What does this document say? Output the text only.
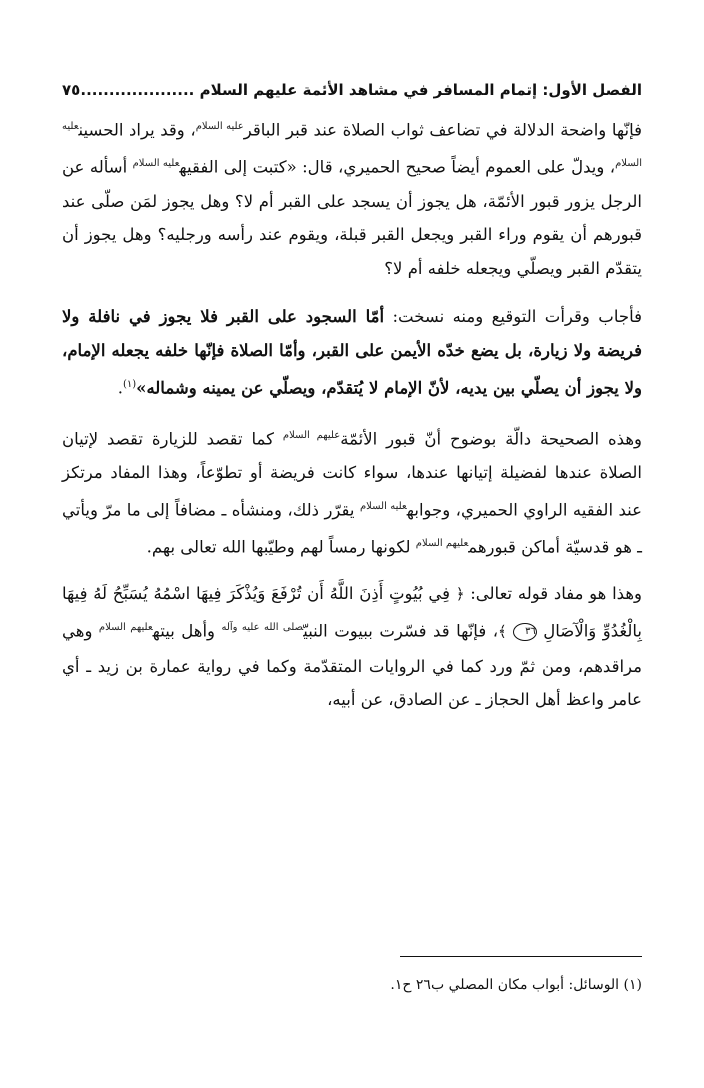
الفصل الأول: إتمام المسافر في مشاهد الأئمة عليهم السلام ....................
٧٥

فإنّها واضحة الدلالة في تضاعف ثواب الصلاة عند قبر الباقر$^{عليه السلام}$، وقد يراد الحسين$^{عليه السلام}$، ويدلّ على العموم أيضاً صحيح الحميري، قال: «كتبت إلى الفقيه$^{عليه السلام}$ أسأله عن الرجل يزور قبور الأئمّة، هل يجوز أن يسجد على القبر أم لا؟ وهل يجوز لمَن صلّى عند قبورهم أن يقوم وراء القبر ويجعل القبر قبلة، ويقوم عند رأسه ورجليه؟ وهل يجوز أن يتقدّم القبر ويصلّي ويجعله خلفه أم لا؟

فأجاب وقرأت التوقيع ومنه نسخت: أمّا السجود على القبر فلا يجوز في نافلة ولا فريضة ولا زيارة، بل يضع خدّه الأيمن على القبر، وأمّا الصلاة فإنّها خلفه يجعله الإمام، ولا يجوز أن يصلّي بين يديه، لأنّ الإمام لا يُتقدّم، ويصلّي عن يمينه وشماله»$^{(١)}$.

وهذه الصحيحة دالّة بوضوح أنّ قبور الأئمّة$^{عليهم السلام}$ كما تقصد للزيارة تقصد لإتيان الصلاة عندها لفضيلة إتيانها عندها، سواء كانت فريضة أو تطوّعاً، وهذا المفاد مرتكز عند الفقيه الراوي الحميري، وجوابه$^{عليه السلام}$ يقرّر ذلك، ومنشأه ـ مضافاً إلى ما مرّ ويأتي ـ هو قدسيّة أماكن قبورهم$^{عليهم السلام}$ لكونها رمساً لهم وطيّبها الله تعالى بهم.

وهذا هو مفاد قوله تعالى: ﴿ فِي بُيُوتٍ أَذِنَ اللَّهُ أَن تُرْفَعَ وَيُذْكَرَ فِيهَا اسْمُهُ يُسَبِّحُ لَهُ فِيهَا بِالْغُدُوِّ وَالْآصَالِ ٣٦ ﴾، فإنّها قد فسّرت ببيوت النبيّ$^{صلى الله عليه وآله}$ وأهل بيته$^{عليهم السلام}$ وهي مراقدهم، ومن ثمّ ورد كما في الروايات المتقدّمة وكما في رواية عمارة بن زيد ـ أي عامر واعظ أهل الحجاز ـ عن الصادق، عن أبيه،

(١) الوسائل: أبواب مكان المصلي ب٢٦ ح١.
